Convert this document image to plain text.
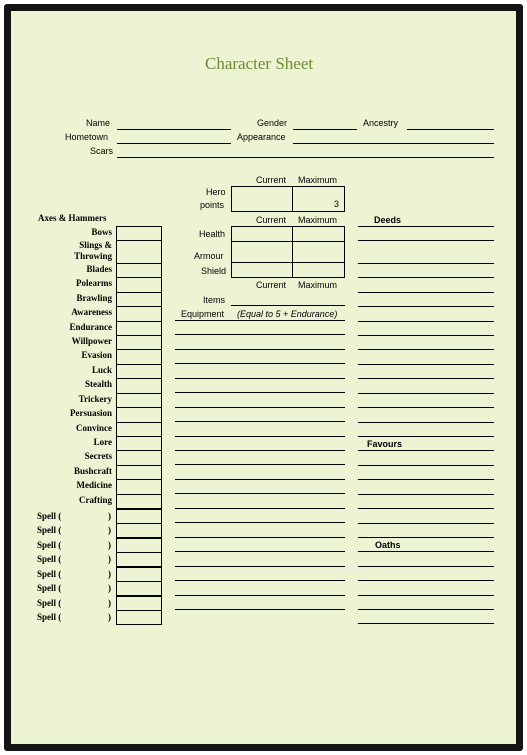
Character Sheet
Name	Gender	Ancestry
Hometown	Appearance
Scars
Current Maximum
Hero
points	3
Current Maximum
Health
Armour
Shield
Current Maximum
Items
Equipment (Equal to 5 + Endurance)
Axes & Hammers
Bows
Slings &
Throwing
Blades
Polearms
Brawling
Awareness
Endurance
Willpower
Evasion
Luck
Stealth
Trickery
Persuasion
Convince
Lore
Secrets
Bushcraft
Medicine
Crafting
Spell (	)
Spell (	)
Spell (	)
Spell (	)
Spell (	)
Spell (	)
Spell (	)
Spell (	)
Deeds
Favours
Oaths
